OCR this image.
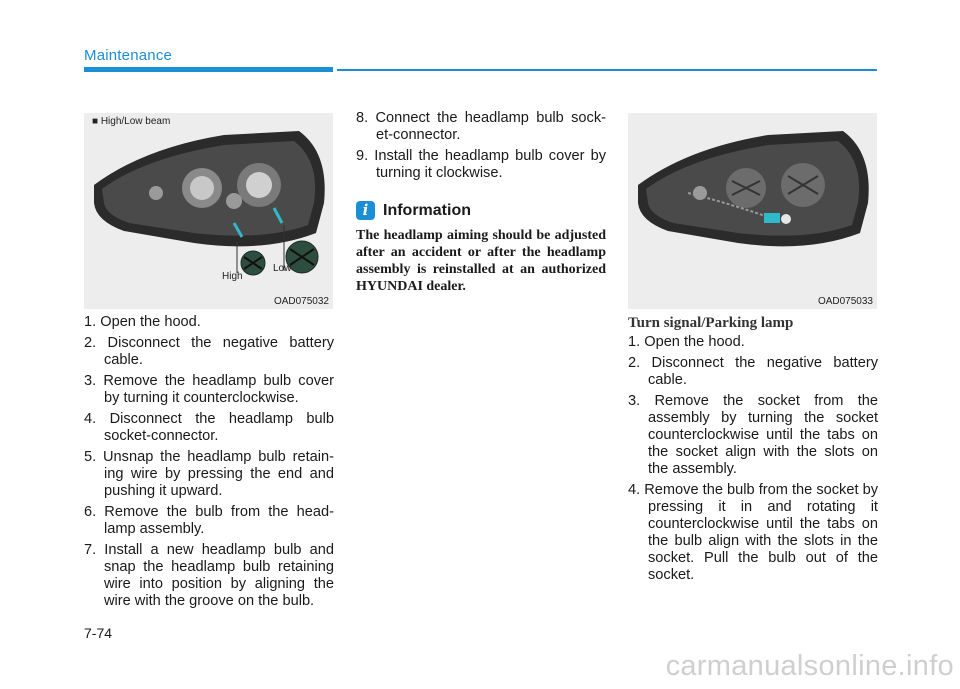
Maintenance
■ High/Low beam
High
Low
OAD075032	OAD075033
1. Open the hood.
2. Disconnect the negative battery cable.
3. Remove the headlamp bulb cover by turning it counterclockwise.
4. Disconnect the headlamp bulb socket-connector.
5. Unsnap the headlamp bulb retain- ing wire by pressing the end and pushing it upward.
6. Remove the bulb from the head- lamp assembly.
7. Install a new headlamp bulb and snap the headlamp bulb retaining wire into position by aligning the wire with the groove on the bulb.
8. Connect the headlamp bulb sock- et-connector.
9. Install the headlamp bulb cover by turning it clockwise.
i Information

The headlamp aiming should be adjusted after an accident or after the headlamp assembly is reinstalled at an authorized HYUNDAI dealer.

Turn signal/Parking lamp
1. Open the hood.
2. Disconnect the negative battery cable.
3. Remove the socket from the assembly by turning the socket counterclockwise until the tabs on the socket align with the slots on the assembly.
4. Remove the bulb from the socket by pressing it in and rotating it counterclockwise until the tabs on the bulb align with the slots in the socket. Pull the bulb out of the socket.
7-74
carmanualsonline.info
